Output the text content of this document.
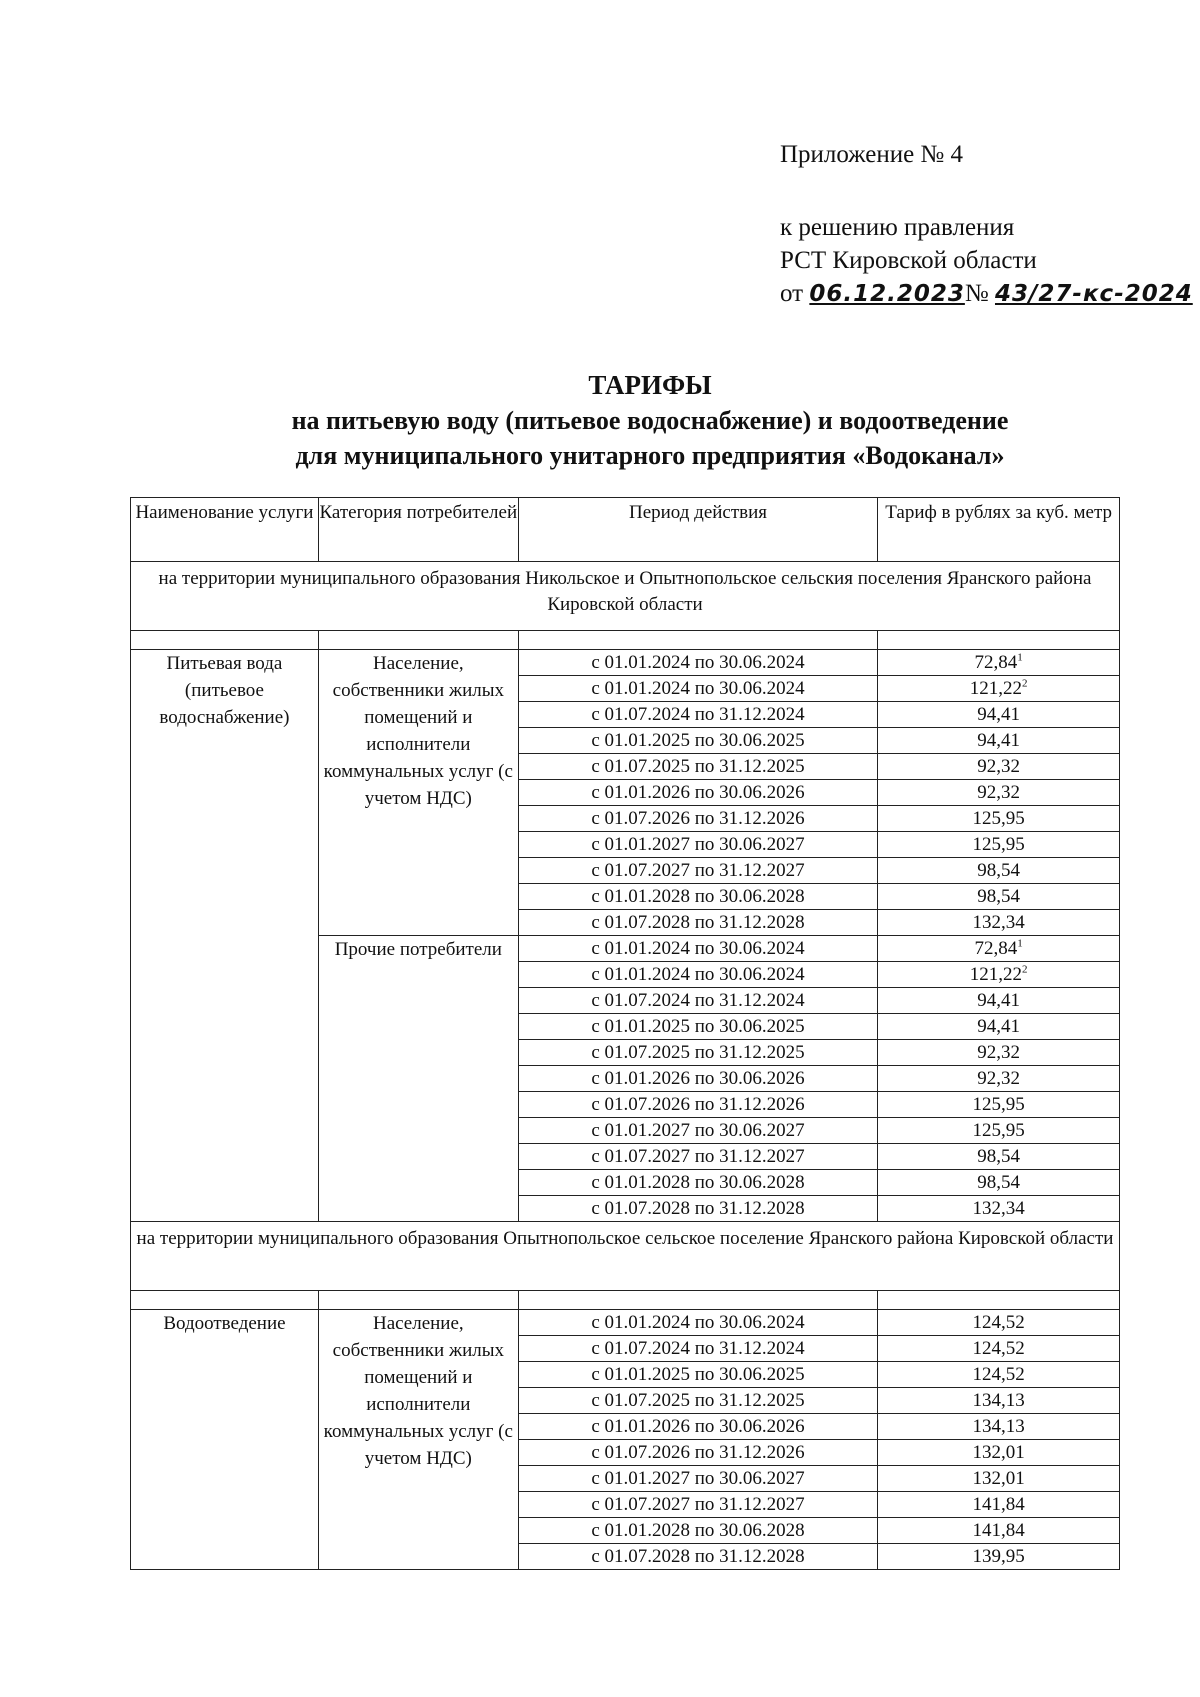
Приложение № 4
к решению правления
РСТ Кировской области
от 06.12.2023№ 43/27-кс-2024
ТАРИФЫ
на питьевую воду (питьевое водоснабжение) и водоотведение
для муниципального унитарного предприятия «Водоканал»
Наименование услуги	Категория потребителей	Период действия	Тариф в рублях за куб. метр
на территории муниципального образования Никольское и Опытнопольское сельския поселения Яранского района Кировской области			

Питьевая вода (питьевое водоснабжение)	Население, собственники жилых помещений и исполнители коммунальных услуг (с учетом НДС)	с 01.01.2024 по 30.06.2024	72,84$^1$
		с 01.01.2024 по 30.06.2024	121,22$^2$
		с 01.07.2024 по 31.12.2024	94,41
		с 01.01.2025 по 30.06.2025	94,41
		с 01.07.2025 по 31.12.2025	92,32
		с 01.01.2026 по 30.06.2026	92,32
		с 01.07.2026 по 31.12.2026	125,95
		с 01.01.2027 по 30.06.2027	125,95
		с 01.07.2027 по 31.12.2027	98,54
		с 01.01.2028 по 30.06.2028	98,54
		с 01.07.2028 по 31.12.2028	132,34
	Прочие потребители	с 01.01.2024 по 30.06.2024	72,84$^1$
		с 01.01.2024 по 30.06.2024	121,22$^2$
		с 01.07.2024 по 31.12.2024	94,41
		с 01.01.2025 по 30.06.2025	94,41
		с 01.07.2025 по 31.12.2025	92,32
		с 01.01.2026 по 30.06.2026	92,32
		с 01.07.2026 по 31.12.2026	125,95
		с 01.01.2027 по 30.06.2027	125,95
		с 01.07.2027 по 31.12.2027	98,54
		с 01.01.2028 по 30.06.2028	98,54
		с 01.07.2028 по 31.12.2028	132,34
на территории муниципального образования Опытнопольское сельское поселение Яранского района Кировской области			

Водоотведение	Население, собственники жилых помещений и исполнители коммунальных услуг (с учетом НДС)	с 01.01.2024 по 30.06.2024	124,52
		с 01.07.2024 по 31.12.2024	124,52
		с 01.01.2025 по 30.06.2025	124,52
		с 01.07.2025 по 31.12.2025	134,13
		с 01.01.2026 по 30.06.2026	134,13
		с 01.07.2026 по 31.12.2026	132,01
		с 01.01.2027 по 30.06.2027	132,01
		с 01.07.2027 по 31.12.2027	141,84
		с 01.01.2028 по 30.06.2028	141,84
		с 01.07.2028 по 31.12.2028	139,95
